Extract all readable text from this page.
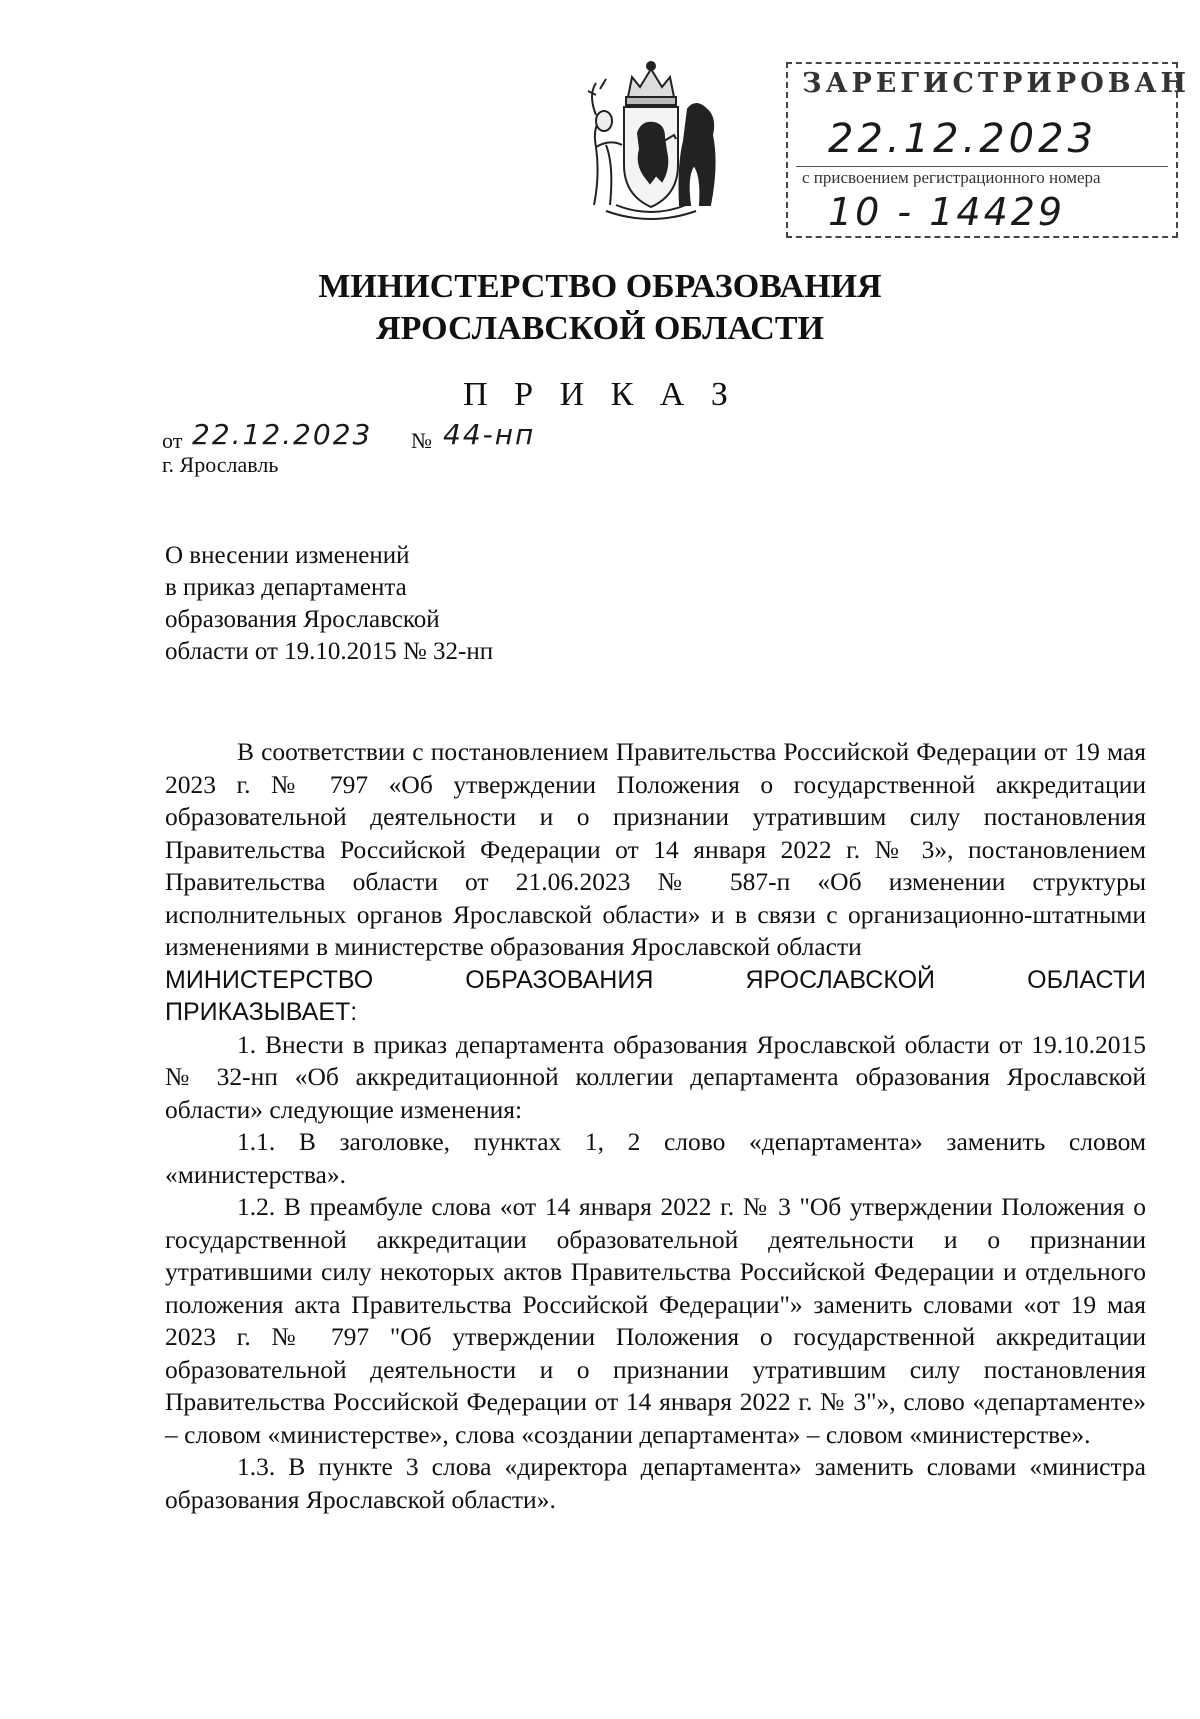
ЗАРЕГИСТРИРОВАН
22.12.2023
с присвоением регистрационного номера
10 - 14429
МИНИСТЕРСТВО ОБРАЗОВАНИЯ
ЯРОСЛАВСКОЙ ОБЛАСТИ
П Р И К А З
от 22.12.2023 № 44-нп
г. Ярославль
О внесении изменений
в приказ департамента
образования Ярославской
области от 19.10.2015 № 32-нп

В соответствии с постановлением Правительства Российской Федерации от 19 мая 2023 г. № 797 «Об утверждении Положения о государственной аккредитации образовательной деятельности и о признании утратившим силу постановления Правительства Российской Федерации от 14 января 2022 г. № 3», постановлением Правительства области от 21.06.2023 № 587-п «Об изменении структуры исполнительных органов Ярославской области» и в связи с организационно-штатными изменениями в министерстве образования Ярославской области

МИНИСТЕРСТВО ОБРАЗОВАНИЯ ЯРОСЛАВСКОЙ ОБЛАСТИ

ПРИКАЗЫВАЕТ:

1. Внести в приказ департамента образования Ярославской области от 19.10.2015 № 32-нп «Об аккредитационной коллегии департамента образования Ярославской области» следующие изменения:

1.1. В заголовке, пунктах 1, 2 слово «департамента» заменить словом «министерства».

1.2. В преамбуле слова «от 14 января 2022 г. № 3 "Об утверждении Положения о государственной аккредитации образовательной деятельности и о признании утратившими силу некоторых актов Правительства Российской Федерации и отдельного положения акта Правительства Российской Федерации"» заменить словами «от 19 мая 2023 г. № 797 "Об утверждении Положения о государственной аккредитации образовательной деятельности и о признании утратившим силу постановления Правительства Российской Федерации от 14 января 2022 г. № 3"», слово «департаменте» – словом «министерстве», слова «создании департамента» – словом «министерстве».

1.3. В пункте 3 слова «директора департамента» заменить словами «министра образования Ярославской области».
